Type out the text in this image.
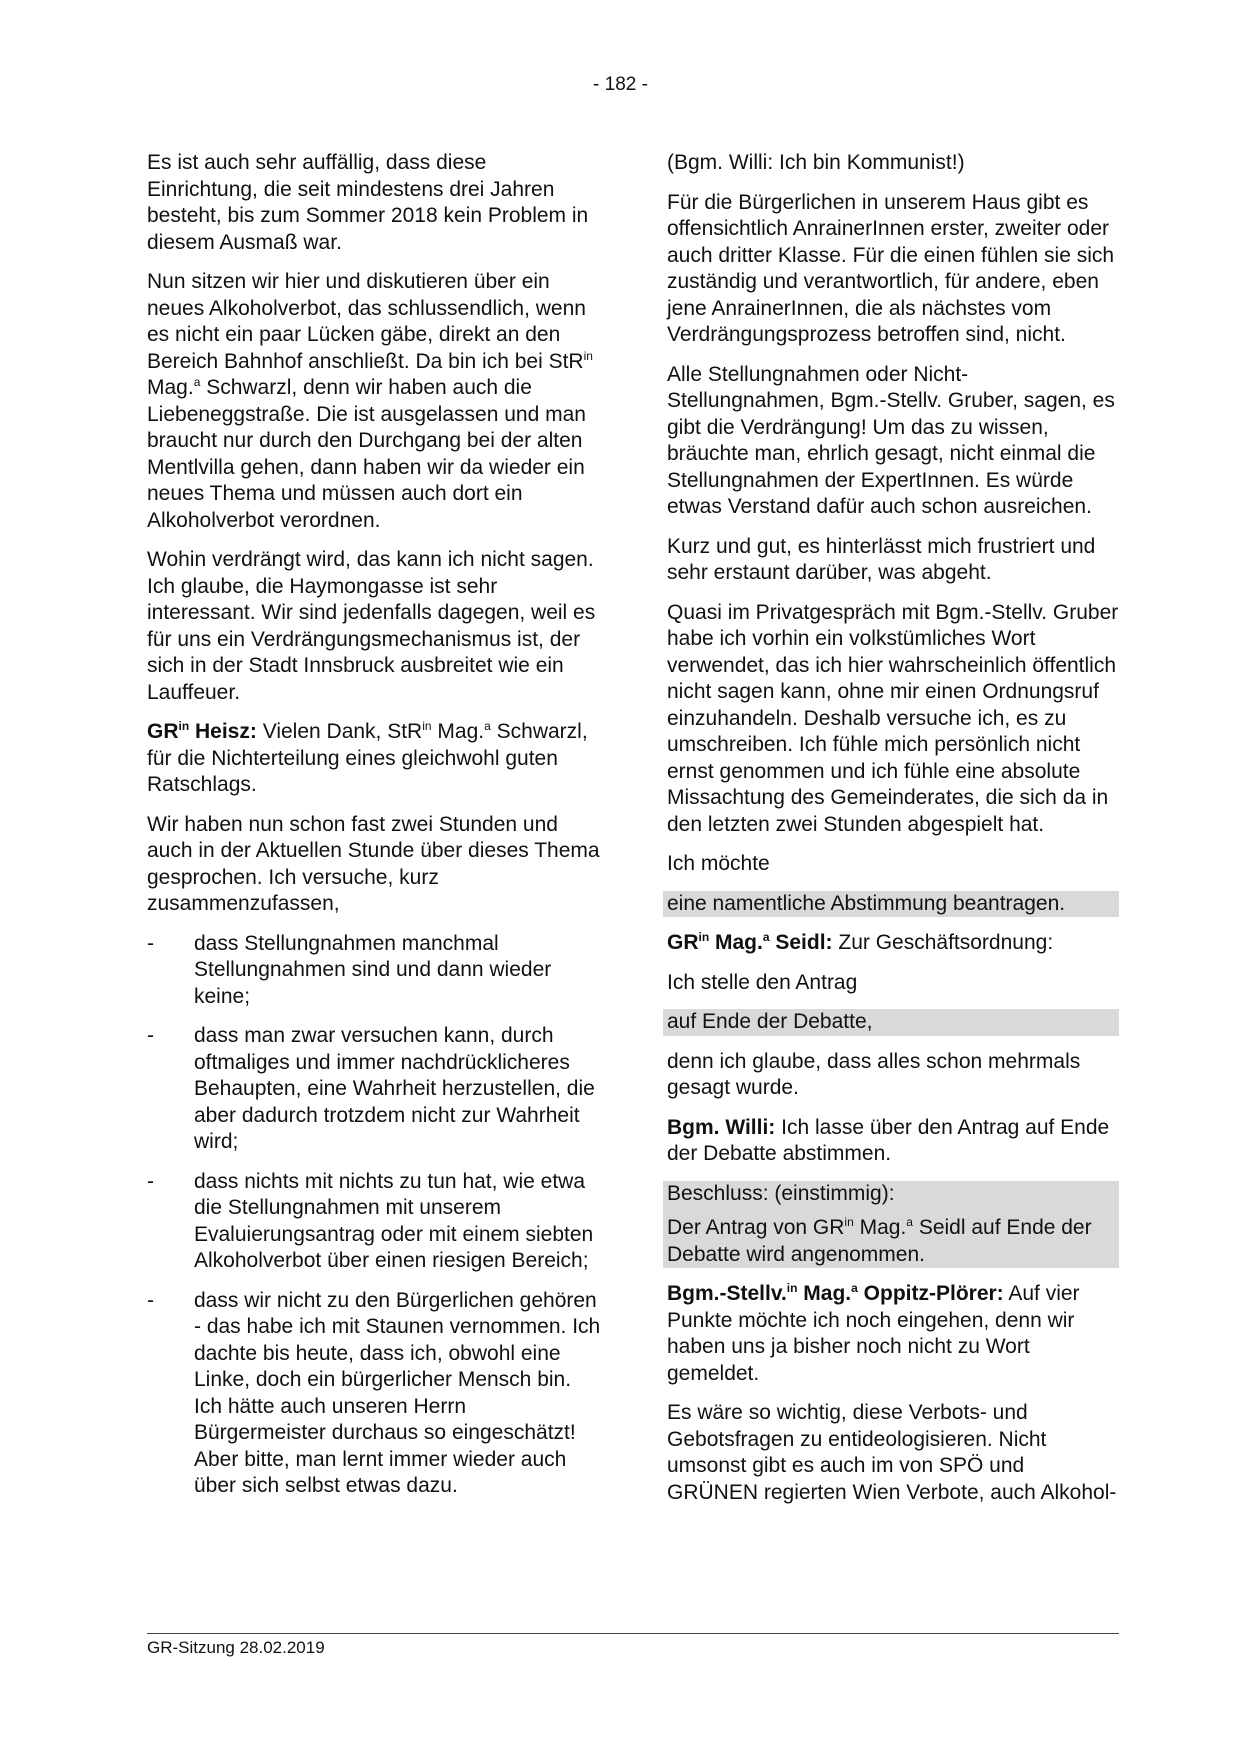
- 182 -

Es ist auch sehr auffällig, dass diese Einrichtung, die seit mindestens drei Jahren besteht, bis zum Sommer 2018 kein Problem in diesem Ausmaß war.

Nun sitzen wir hier und diskutieren über ein neues Alkoholverbot, das schlussendlich, wenn es nicht ein paar Lücken gäbe, direkt an den Bereich Bahnhof anschließt. Da bin ich bei StR$^{in}$ Mag.$^a$ Schwarzl, denn wir haben auch die Liebeneggstraße. Die ist ausgelassen und man braucht nur durch den Durchgang bei der alten Mentlvilla gehen, dann haben wir da wieder ein neues Thema und müssen auch dort ein Alkoholverbot verordnen.

Wohin verdrängt wird, das kann ich nicht sagen. Ich glaube, die Haymongasse ist sehr interessant. Wir sind jedenfalls dagegen, weil es für uns ein Verdrängungsmechanismus ist, der sich in der Stadt Innsbruck ausbreitet wie ein Lauffeuer.

$GR^{in}$ Heisz: Vielen Dank, StR$^{in}$ Mag.$^a$ Schwarzl, für die Nichterteilung eines gleichwohl guten Ratschlags.

Wir haben nun schon fast zwei Stunden und auch in der Aktuellen Stunde über dieses Thema gesprochen. Ich versuche, kurz zusammenzufassen,

- dass Stellungnahmen manchmal Stellungnahmen sind und dann wieder keine;
- dass man zwar versuchen kann, durch oftmaliges und immer nachdrücklicheres Behaupten, eine Wahrheit herzustellen, die aber dadurch trotzdem nicht zur Wahrheit wird;
- dass nichts mit nichts zu tun hat, wie etwa die Stellungnahmen mit unserem Evaluierungsantrag oder mit einem siebten Alkoholverbot über einen riesigen Bereich;
- dass wir nicht zu den Bürgerlichen gehören - das habe ich mit Staunen vernommen. Ich dachte bis heute, dass ich, obwohl eine Linke, doch ein bürgerlicher Mensch bin. Ich hätte auch unseren Herrn Bürgermeister durchaus so eingeschätzt! Aber bitte, man lernt immer wieder auch über sich selbst etwas dazu.

(Bgm. Willi: Ich bin Kommunist!)

Für die Bürgerlichen in unserem Haus gibt es offensichtlich AnrainerInnen erster, zweiter oder auch dritter Klasse. Für die einen fühlen sie sich zuständig und verantwortlich, für andere, eben jene AnrainerInnen, die als nächstes vom Verdrängungsprozess betroffen sind, nicht.

Alle Stellungnahmen oder Nicht-Stellungnahmen, Bgm.-Stellv. Gruber, sagen, es gibt die Verdrängung! Um das zu wissen, bräuchte man, ehrlich gesagt, nicht einmal die Stellungnahmen der ExpertInnen. Es würde etwas Verstand dafür auch schon ausreichen.

Kurz und gut, es hinterlässt mich frustriert und sehr erstaunt darüber, was abgeht.

Quasi im Privatgespräch mit Bgm.-Stellv. Gruber habe ich vorhin ein volkstümliches Wort verwendet, das ich hier wahrscheinlich öffentlich nicht sagen kann, ohne mir einen Ordnungsruf einzuhandeln. Deshalb versuche ich, es zu umschreiben. Ich fühle mich persönlich nicht ernst genommen und ich fühle eine absolute Missachtung des Gemeinderates, die sich da in den letzten zwei Stunden abgespielt hat.

Ich möchte

eine namentliche Abstimmung beantragen.

$GR^{in}$ Mag.$^a$ Seidl: Zur Geschäftsordnung:

Ich stelle den Antrag

auf Ende der Debatte,

denn ich glaube, dass alles schon mehrmals gesagt wurde.

Bgm. Willi: Ich lasse über den Antrag auf Ende der Debatte abstimmen.

Beschluss: (einstimmig):

Der Antrag von $GR^{in}$ Mag.$^a$ Seidl auf Ende der Debatte wird angenommen.

Bgm.-Stellv.$^{in}$ Mag.$^a$ Oppitz-Plörer: Auf vier Punkte möchte ich noch eingehen, denn wir haben uns ja bisher noch nicht zu Wort gemeldet.

Es wäre so wichtig, diese Verbots- und Gebotsfragen zu entideologisieren. Nicht umsonst gibt es auch im von SPÖ und GRÜNEN regierten Wien Verbote, auch Alkohol-

GR-Sitzung 28.02.2019
